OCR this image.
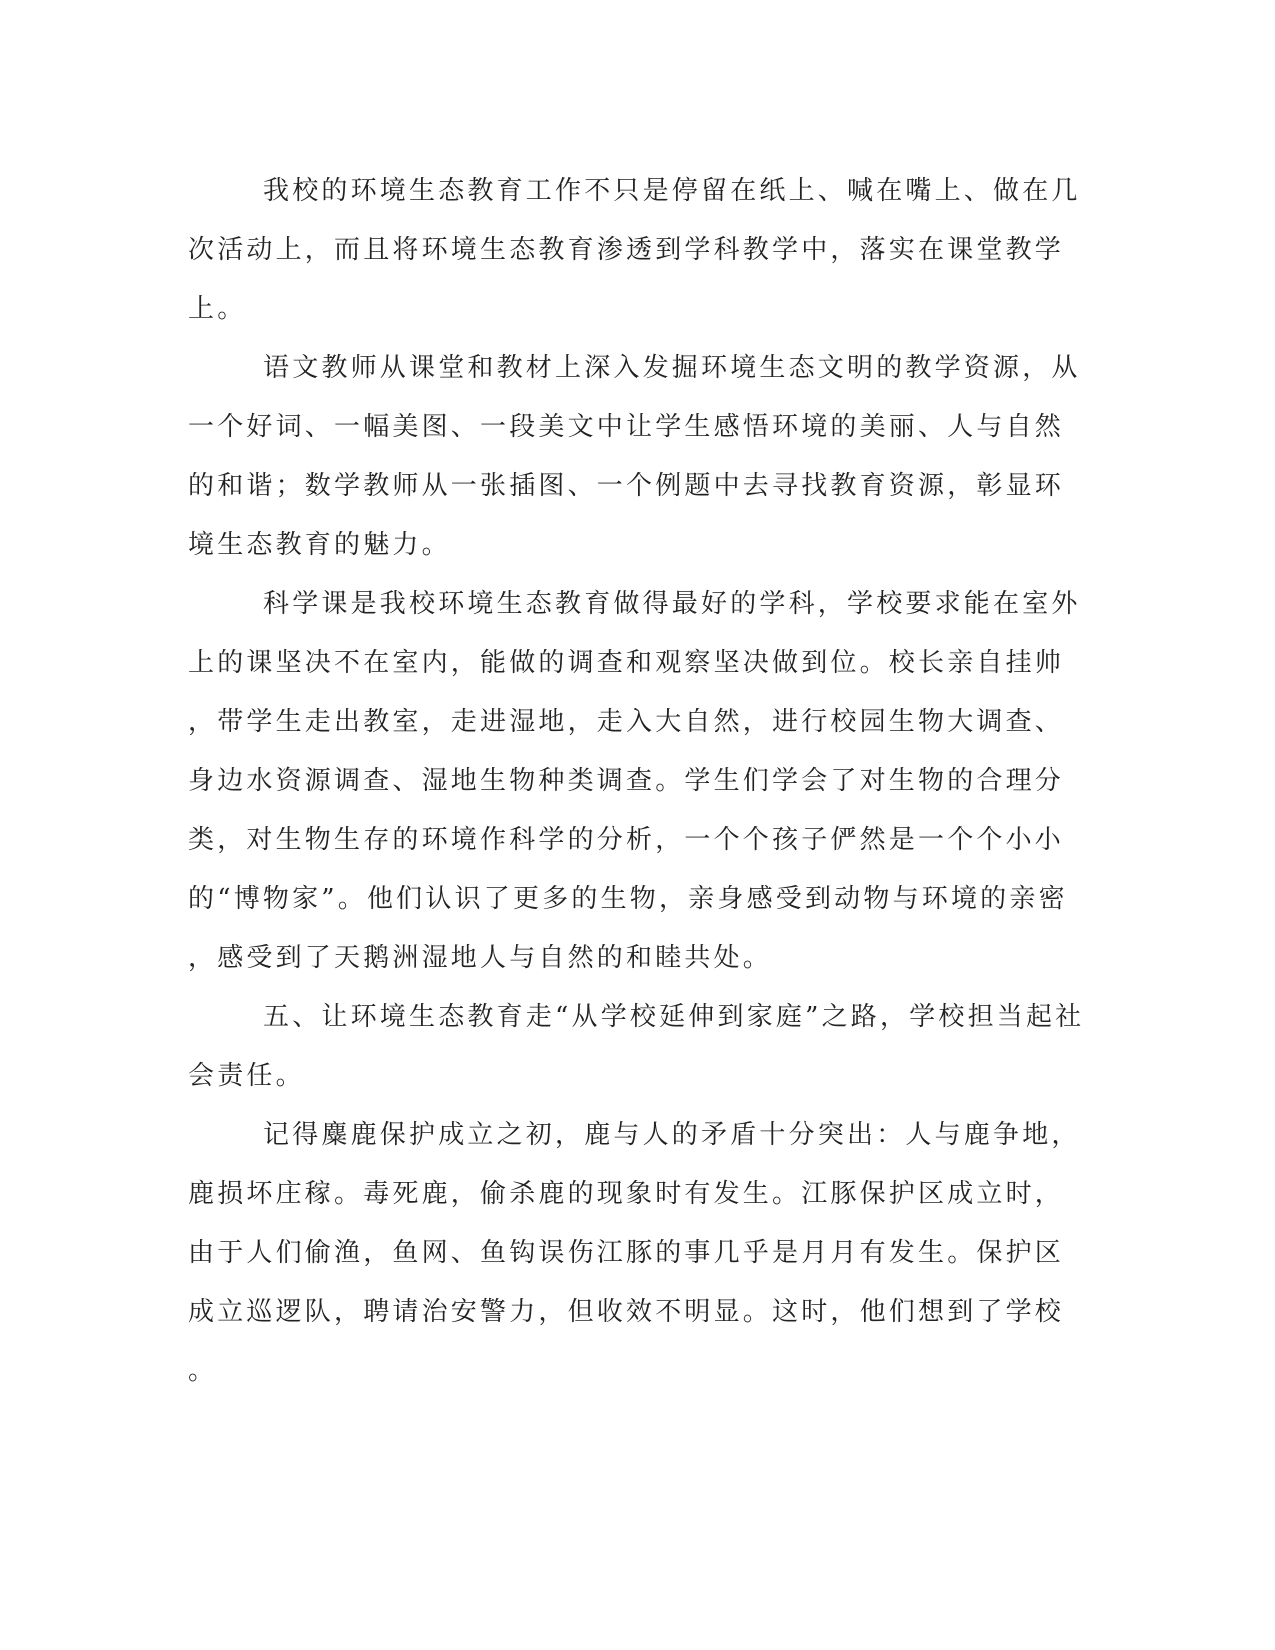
我校的环境生态教育工作不只是停留在纸上、喊在嘴上、做在几
次活动上，而且将环境生态教育渗透到学科教学中，落实在课堂教学
上。
语文教师从课堂和教材上深入发掘环境生态文明的教学资源，从
一个好词、一幅美图、一段美文中让学生感悟环境的美丽、人与自然
的和谐；数学教师从一张插图、一个例题中去寻找教育资源，彰显环
境生态教育的魅力。
科学课是我校环境生态教育做得最好的学科，学校要求能在室外
上的课坚决不在室内，能做的调查和观察坚决做到位。校长亲自挂帅
，带学生走出教室，走进湿地，走入大自然，进行校园生物大调查、
身边水资源调查、湿地生物种类调查。学生们学会了对生物的合理分
类，对生物生存的环境作科学的分析，一个个孩子俨然是一个个小小
的“博物家”。他们认识了更多的生物，亲身感受到动物与环境的亲密
，感受到了天鹅洲湿地人与自然的和睦共处。
五、让环境生态教育走“从学校延伸到家庭”之路，学校担当起社
会责任。
记得麋鹿保护成立之初，鹿与人的矛盾十分突出：人与鹿争地，
鹿损坏庄稼。毒死鹿，偷杀鹿的现象时有发生。江豚保护区成立时，
由于人们偷渔，鱼网、鱼钩误伤江豚的事几乎是月月有发生。保护区
成立巡逻队，聘请治安警力，但收效不明显。这时，他们想到了学校
。
